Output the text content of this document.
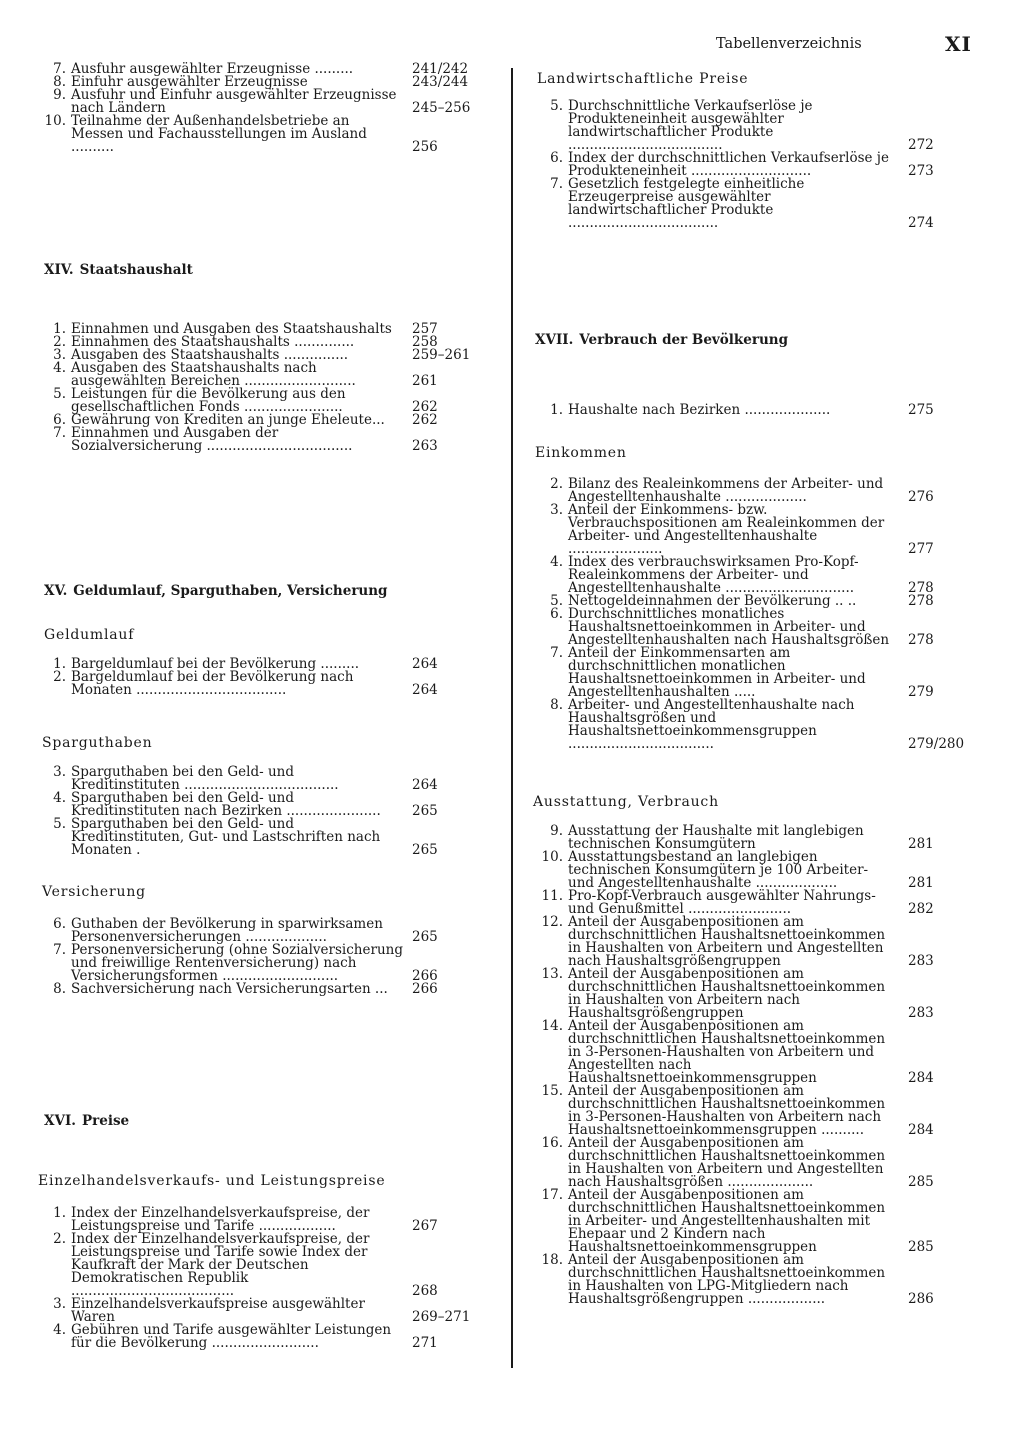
Tabellenverzeichnis	XI
7. Ausfuhr ausgewählter Erzeugnisse .........	241/242
8. Einfuhr ausgewählter Erzeugnisse	243/244
9. Ausfuhr und Einfuhr ausgewählter Erzeugnisse nach Ländern	245–256
10. Teilnahme der Außenhandelsbetriebe an Messen und Fachausstellungen im Ausland ..........	256
XIV. Staatshaushalt
1. Einnahmen und Ausgaben des Staatshaushalts	257
2. Einnahmen des Staatshaushalts ..............	258
3. Ausgaben des Staatshaushalts ...............	259–261
4. Ausgaben des Staatshaushalts nach ausgewählten Bereichen ..........................	261
5. Leistungen für die Bevölkerung aus den gesellschaftlichen Fonds .......................	262
6. Gewährung von Krediten an junge Eheleute...	262
7. Einnahmen und Ausgaben der Sozialversicherung ..................................	263
XV. Geldumlauf, Sparguthaben, Versicherung
Geldumlauf
1. Bargeldumlauf bei der Bevölkerung .........	264
2. Bargeldumlauf bei der Bevölkerung nach Monaten ...................................	264
Sparguthaben
3. Sparguthaben bei den Geld- und Kreditinstituten ....................................	264
4. Sparguthaben bei den Geld- und Kreditinstituten nach Bezirken ......................	265
5. Sparguthaben bei den Geld- und Kreditinstituten, Gut- und Lastschriften nach Monaten .	265
Versicherung
6. Guthaben der Bevölkerung in sparwirksamen Personenversicherungen ...................	265
7. Personenversicherung (ohne Sozialversicherung und freiwillige Rentenversicherung) nach Versicherungsformen ...........................	266
8. Sachversicherung nach Versicherungsarten ...	266
XVI. Preise
Einzelhandelsverkaufs- und Leistungspreise
1. Index der Einzelhandelsverkaufspreise, der Leistungspreise und Tarife ..................	267
2. Index der Einzelhandelsverkaufspreise, der Leistungspreise und Tarife sowie Index der Kaufkraft der Mark der Deutschen Demokratischen Republik ......................................	268
3. Einzelhandelsverkaufspreise ausgewählter Waren	269–271
4. Gebühren und Tarife ausgewählter Leistungen für die Bevölkerung .........................	271
Landwirtschaftliche Preise
5. Durchschnittliche Verkaufserlöse je Produkteneinheit ausgewählter landwirtschaftlicher Produkte ....................................	272
6. Index der durchschnittlichen Verkaufserlöse je Produkteneinheit ............................	273
7. Gesetzlich festgelegte einheitliche Erzeugerpreise ausgewählter landwirtschaftlicher Produkte ...................................	274
XVII. Verbrauch der Bevölkerung
1. Haushalte nach Bezirken ....................	275
Einkommen
2. Bilanz des Realeinkommens der Arbeiter- und Angestelltenhaushalte ...................	276
3. Anteil der Einkommens- bzw. Verbrauchspositionen am Realeinkommen der Arbeiter- und Angestelltenhaushalte ......................	277
4. Index des verbrauchswirksamen Pro-Kopf-Realeinkommens der Arbeiter- und Angestelltenhaushalte ..............................	278
5. Nettogeldeinnahmen der Bevölkerung .. ..	278
6. Durchschnittliches monatliches Haushaltsnettoeinkommen in Arbeiter- und Angestelltenhaushalten nach Haushaltsgrößen	278
7. Anteil der Einkommensarten am durchschnittlichen monatlichen Haushaltsnettoeinkommen in Arbeiter- und Angestelltenhaushalten .....	279
8. Arbeiter- und Angestelltenhaushalte nach Haushaltsgrößen und Haushaltsnettoeinkommensgruppen ..................................	279/280
Ausstattung, Verbrauch
9. Ausstattung der Haushalte mit langlebigen technischen Konsumgütern	281
10. Ausstattungsbestand an langlebigen technischen Konsumgütern je 100 Arbeiter- und Angestelltenhaushalte ...................	281
11. Pro-Kopf-Verbrauch ausgewählter Nahrungs- und Genußmittel ........................	282
12. Anteil der Ausgabenpositionen am durchschnittlichen Haushaltsnettoeinkommen in Haushalten von Arbeitern und Angestellten nach Haushaltsgrößengruppen	283
13. Anteil der Ausgabenpositionen am durchschnittlichen Haushaltsnettoeinkommen in Haushalten von Arbeitern nach Haushaltsgrößengruppen	283
14. Anteil der Ausgabenpositionen am durchschnittlichen Haushaltsnettoeinkommen in 3-Personen-Haushalten von Arbeitern und Angestellten nach Haushaltsnettoeinkommensgruppen	284
15. Anteil der Ausgabenpositionen am durchschnittlichen Haushaltsnettoeinkommen in 3-Personen-Haushalten von Arbeitern nach Haushaltsnettoeinkommensgruppen ..........	284
16. Anteil der Ausgabenpositionen am durchschnittlichen Haushaltsnettoeinkommen in Haushalten von Arbeitern und Angestellten nach Haushaltsgrößen ....................	285
17. Anteil der Ausgabenpositionen am durchschnittlichen Haushaltsnettoeinkommen in Arbeiter- und Angestelltenhaushalten mit Ehepaar und 2 Kindern nach Haushaltsnettoeinkommensgruppen	285
18. Anteil der Ausgabenpositionen am durchschnittlichen Haushaltsnettoeinkommen in Haushalten von LPG-Mitgliedern nach Haushaltsgrößengruppen ..................	286
